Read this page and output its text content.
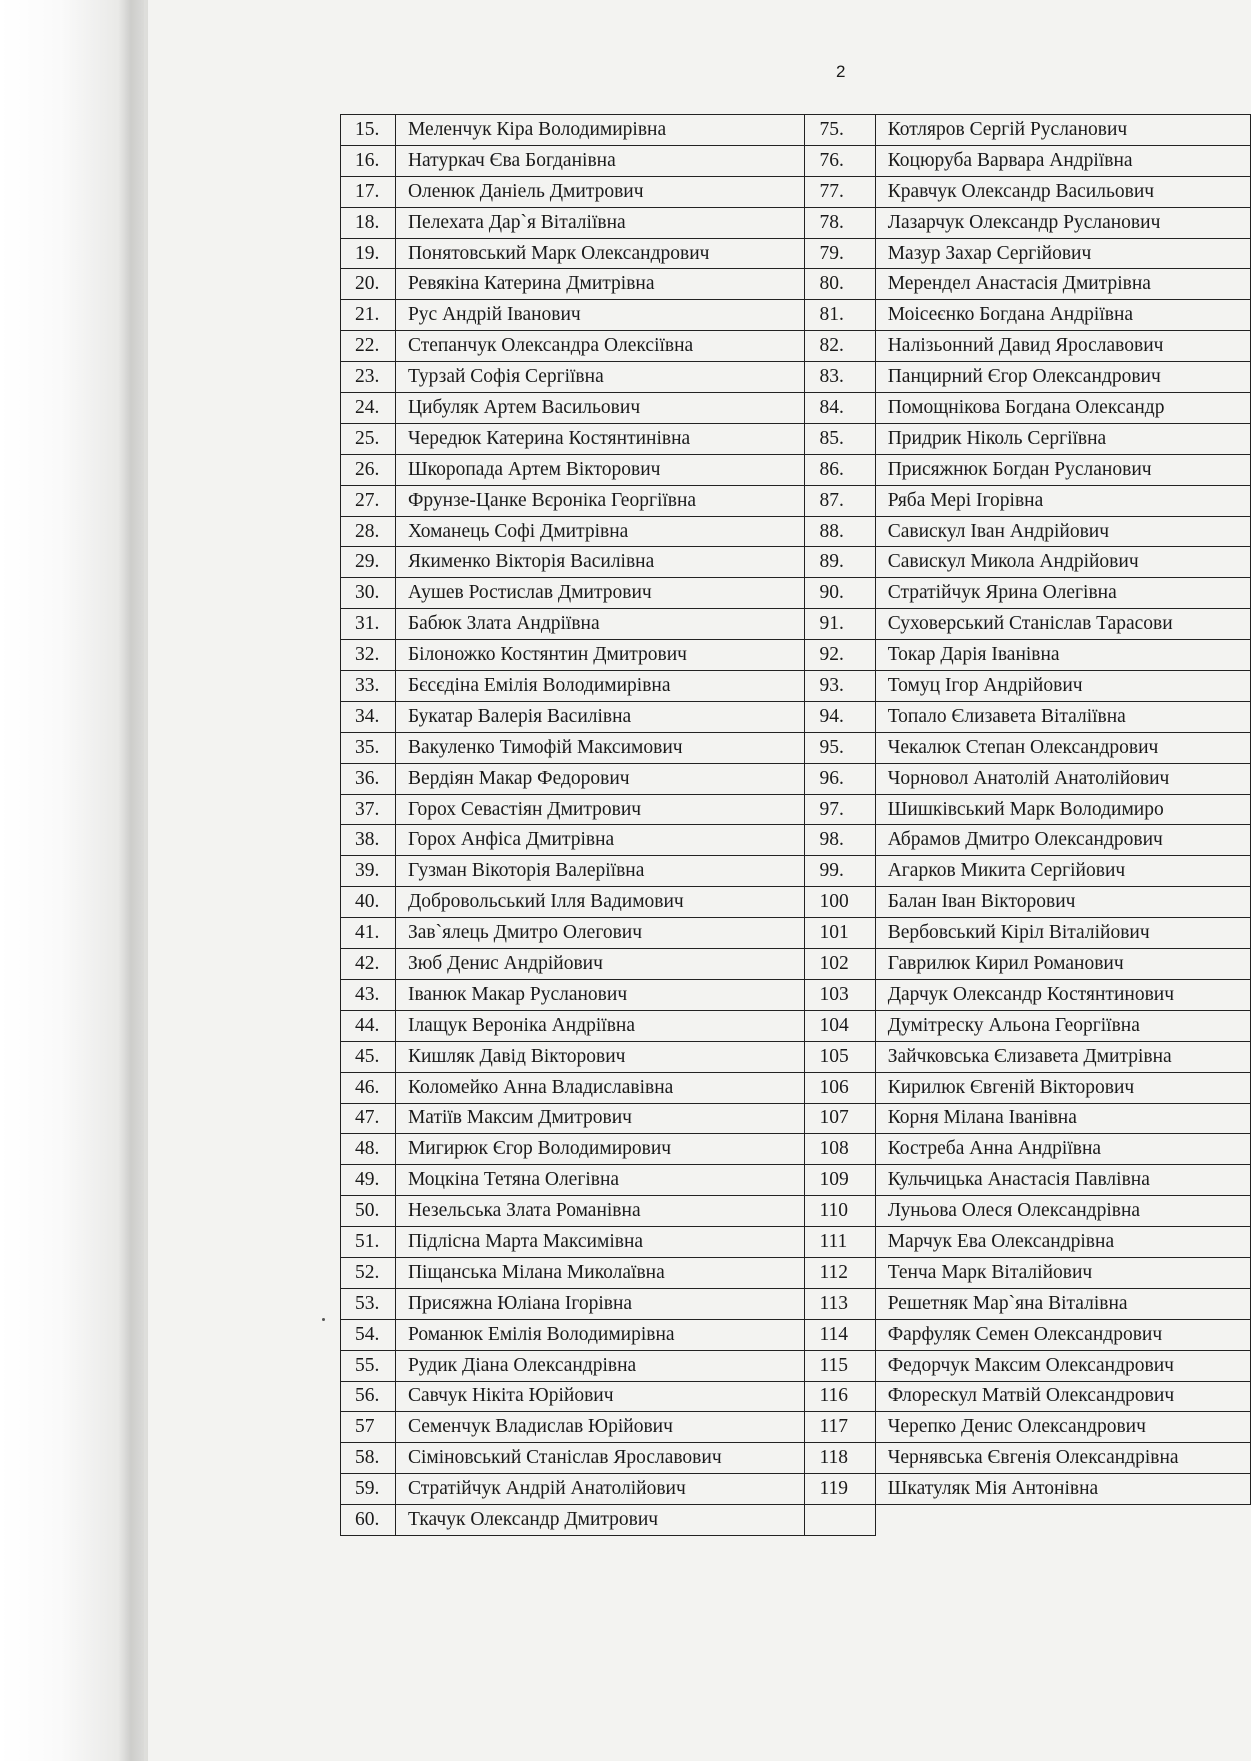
2
15.	Меленчук Кіра Володимирівна	75.	Котляров Сергій Русланович
16.	Натуркач Єва Богданівна	76.	Коцюруба Варвара Андріївна
17.	Оленюк Даніель Дмитрович	77.	Кравчук Олександр Васильович
18.	Пелехата Дар`я Віталіївна	78.	Лазарчук Олександр Русланович
19.	Понятовський Марк Олександрович	79.	Мазур Захар Сергійович
20.	Ревякіна Катерина Дмитрівна	80.	Мерендел Анастасія Дмитрівна
21.	Рус Андрій Іванович	81.	Моісеєнко Богдана Андріївна
22.	Степанчук Олександра Олексіївна	82.	Налізьонний Давид Ярославович
23.	Турзай Софія Сергіївна	83.	Панцирний Єгор Олександрович
24.	Цибуляк Артем Васильович	84.	Помощнікова Богдана Олександр
25.	Чередюк Катерина Костянтинівна	85.	Придрик Ніколь Сергіївна
26.	Шкоропада Артем Вікторович	86.	Присяжнюк Богдан Русланович
27.	Фрунзе-Цанке Вєроніка Георгіївна	87.	Ряба Мері Ігорівна
28.	Хоманець Софі Дмитрівна	88.	Савискул Іван Андрійович
29.	Якименко Вікторія Василівна	89.	Савискул Микола Андрійович
30.	Аушев Ростислав Дмитрович	90.	Стратійчук Ярина Олегівна
31.	Бабюк Злата Андріївна	91.	Суховерський Станіслав Тарасови
32.	Білоножко Костянтин Дмитрович	92.	Токар Дарія Іванівна
33.	Бєсєдіна Емілія Володимирівна	93.	Томуц Ігор Андрійович
34.	Букатар Валерія Василівна	94.	Топало Єлизавета Віталіївна
35.	Вакуленко Тимофій Максимович	95.	Чекалюк Степан Олександрович
36.	Вердіян Макар Федорович	96.	Чорновол Анатолій Анатолійович
37.	Горох Севастіян Дмитрович	97.	Шишківський Марк Володимиро
38.	Горох Анфіса Дмитрівна	98.	Абрамов Дмитро Олександрович
39.	Гузман Вікоторія Валеріївна	99.	Агарков Микита Сергійович
40.	Добровольський Ілля Вадимович	100	Балан Іван Вікторович
41.	Зав`ялець Дмитро Олегович	101	Вербовський Кіріл Віталійович
42.	Зюб Денис Андрійович	102	Гаврилюк Кирил Романович
43.	Іванюк Макар Русланович	103	Дарчук Олександр Костянтинович
44.	Ілащук Вероніка Андріївна	104	Думітреску Альона Георгіївна
45.	Кишляк Давід Вікторович	105	Зайчковська Єлизавета Дмитрівна
46.	Коломейко Анна Владиславівна	106	Кирилюк Євгеній Вікторович
47.	Матіїв Максим Дмитрович	107	Корня Мілана Іванівна
48.	Мигирюк Єгор Володимирович	108	Костреба Анна Андріївна
49.	Моцкіна Тетяна Олегівна	109	Кульчицька Анастасія Павлівна
50.	Незельська Злата Романівна	110	Луньова Олеся Олександрівна
51.	Підлісна Марта Максимівна	111	Марчук Ева Олександрівна
52.	Піщанська Мілана Миколаївна	112	Тенча Марк Віталійович
53.	Присяжна Юліана Ігорівна	113	Решетняк Мар`яна Віталівна
54.	Романюк Емілія Володимирівна	114	Фарфуляк Семен Олександрович
55.	Рудик Діана Олександрівна	115	Федорчук Максим Олександрович
56.	Савчук Нікіта Юрійович	116	Флорескул Матвій Олександрович
57	Семенчук Владислав Юрійович	117	Черепко Денис Олександрович
58.	Сіміновський Станіслав Ярославович	118	Чернявська Євгенія Олександрівна
59.	Стратійчук Андрій Анатолійович	119	Шкатуляк Мія Антонівна
60.	Ткачук Олександр Дмитрович		
